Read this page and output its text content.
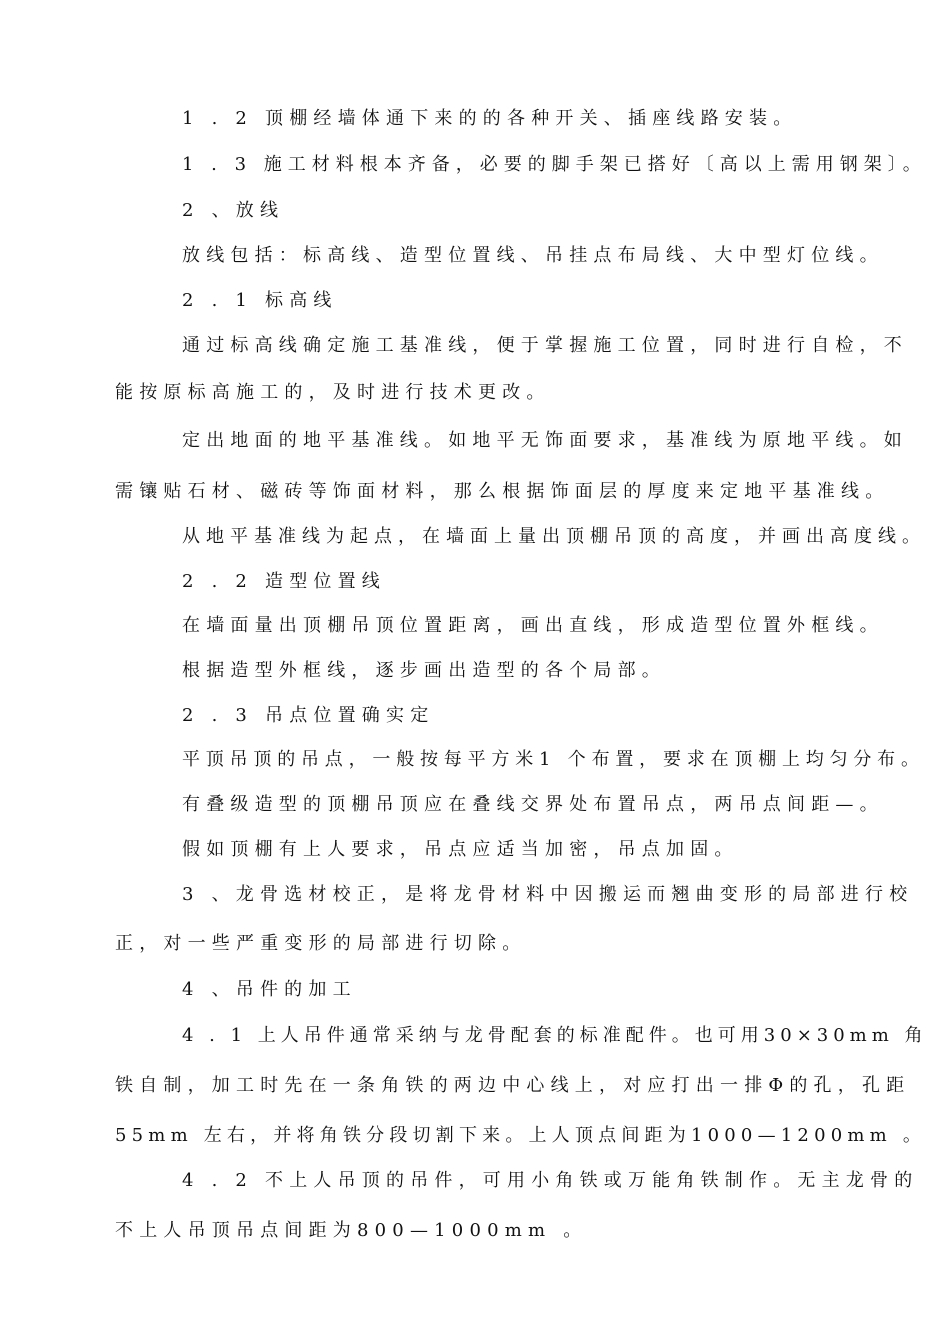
1 . 2 顶棚经墙体通下来的的各种开关、插座线路安装。
1 . 3 施工材料根本齐备，必要的脚手架已搭好〔高以上需用钢架〕。
2 、放线
放线包括：标高线、造型位置线、吊挂点布局线、大中型灯位线。
2 . 1 标高线
通过标高线确定施工基准线，便于掌握施工位置，同时进行自检，不
能按原标高施工的，及时进行技术更改。
定出地面的地平基准线。如地平无饰面要求，基准线为原地平线。如
需镶贴石材、磁砖等饰面材料，那么根据饰面层的厚度来定地平基准线。
从地平基准线为起点，在墙面上量出顶棚吊顶的高度，并画出高度线。
2 . 2 造型位置线
在墙面量出顶棚吊顶位置距离，画出直线，形成造型位置外框线。
根据造型外框线，逐步画出造型的各个局部。
2 . 3 吊点位置确实定
平顶吊顶的吊点，一般按每平方米1 个布置，要求在顶棚上均匀分布。
有叠级造型的顶棚吊顶应在叠线交界处布置吊点，两吊点间距—。
假如顶棚有上人要求，吊点应适当加密，吊点加固。
3 、龙骨选材校正，是将龙骨材料中因搬运而翘曲变形的局部进行校
正，对一些严重变形的局部进行切除。
4 、吊件的加工
4 . 1 上人吊件通常采纳与龙骨配套的标准配件。也可用30×30mm 角
铁自制，加工时先在一条角铁的两边中心线上，对应打出一排Φ的孔，孔距
55mm 左右，并将角铁分段切割下来。上人顶点间距为1000—1200mm 。
4 . 2 不上人吊顶的吊件，可用小角铁或万能角铁制作。无主龙骨的
不上人吊顶吊点间距为800—1000mm 。
